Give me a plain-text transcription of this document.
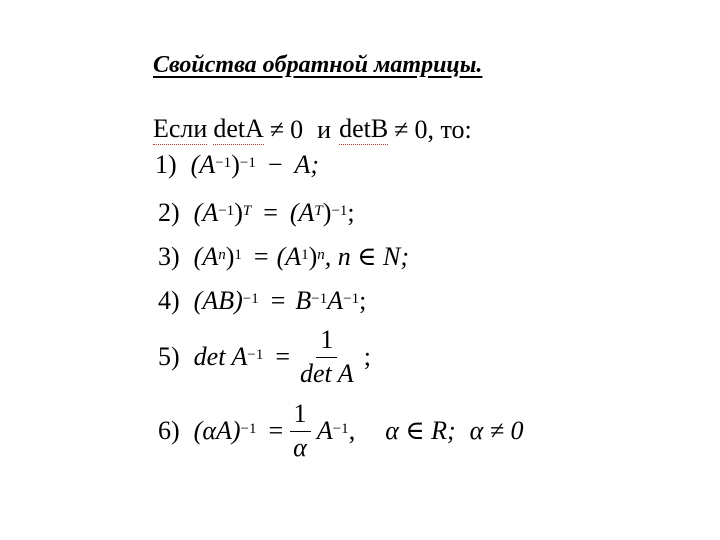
Свойства обратной матрицы.
Если detA ≠ 0 и detB ≠ 0, то:
1) ($A^{-1}$ )$^{-1}$ − A;
2) ($A^{-1}$ )$^T = (A^T$ )$^{-1}$ ;
3) ($A^n$ )$^1 = (A^1$ )$^n$ , n ∈ N;
4) $(AB)^{-1} = B^{-1}$ $A^{-1}$ ;
5) $\det A^{-1} = \frac{1}{\text{det A}}$ ;
6) $(\alpha A)^{-1} = \frac{1}{\alpha} A^{-1}$ , α ∈ R; α ≠ 0
